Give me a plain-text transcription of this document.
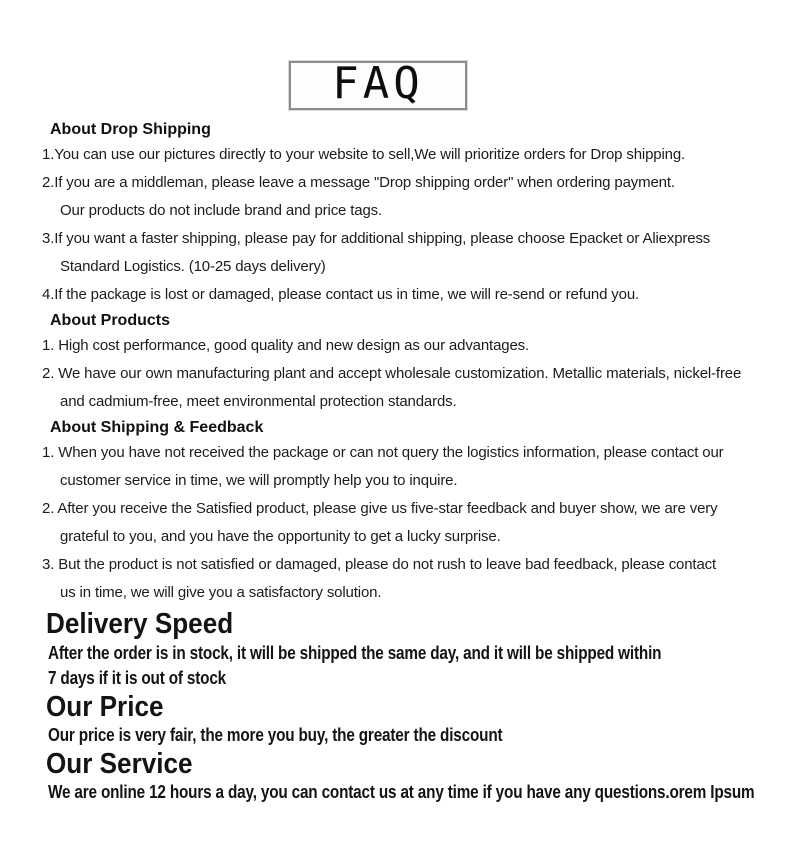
FAQ
About Drop Shipping
1.You can use our pictures directly to your website to sell,We will prioritize orders for Drop shipping.
2.If you are a middleman, please leave a message "Drop shipping order" when ordering payment.
Our products do not include brand and price tags.
3.If you want a faster shipping, please pay for additional shipping, please choose Epacket or Aliexpress
Standard Logistics. (10-25 days delivery)
4.If the package is lost or damaged, please contact us in time, we will re-send or refund you.
About Products
1. High cost performance, good quality and new design as our advantages.
2. We have our own manufacturing plant and accept wholesale customization. Metallic materials, nickel-free
and cadmium-free, meet environmental protection standards.
About Shipping & Feedback
1. When you have not received the package or can not query the logistics information, please contact our
customer service in time, we will promptly help you to inquire.
2. After you receive the Satisfied product, please give us five-star feedback and buyer show, we are very
grateful to you, and you have the opportunity to get a lucky surprise.
3. But the product is not satisfied or damaged, please do not rush to leave bad feedback, please contact
us in time, we will give you a satisfactory solution.
Delivery Speed
After the order is in stock, it will be shipped the same day, and it will be shipped within
7 days if it is out of stock
Our Price
Our price is very fair, the more you buy, the greater the discount
Our Service
We are online 12 hours a day, you can contact us at any time if you have any questions.orem Ipsum
